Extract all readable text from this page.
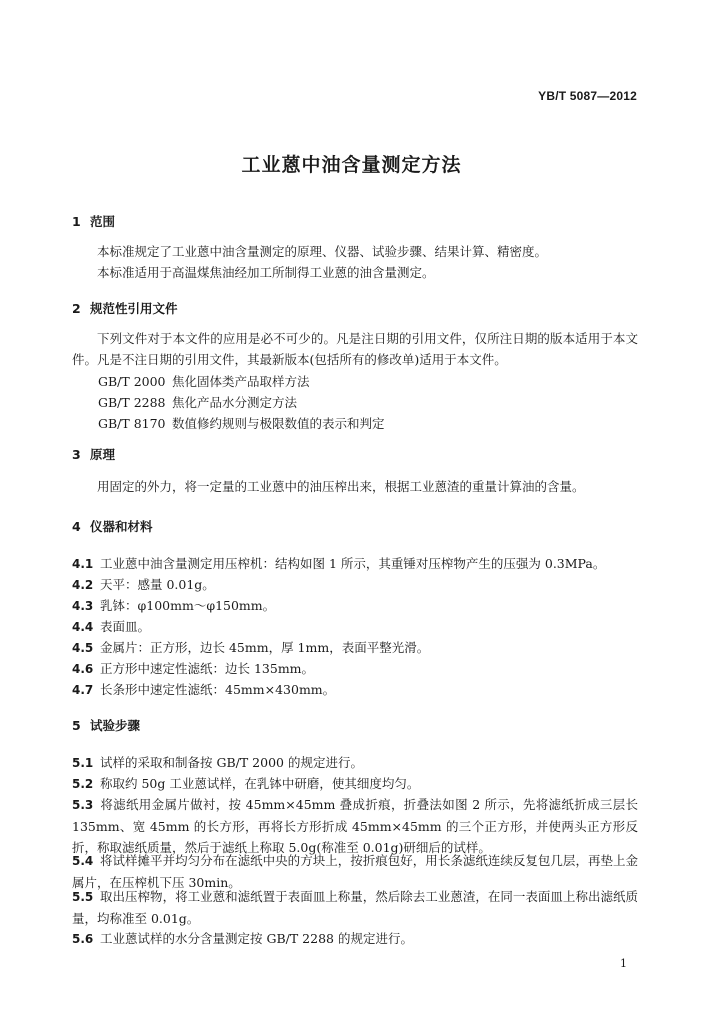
YB/T 5087—2012
工业蒽中油含量测定方法
1 范围
本标准规定了工业蒽中油含量测定的原理、仪器、试验步骤、结果计算、精密度。
本标准适用于高温煤焦油经加工所制得工业蒽的油含量测定。
2 规范性引用文件
下列文件对于本文件的应用是必不可少的。凡是注日期的引用文件，仅所注日期的版本适用于本文件。凡是不注日期的引用文件，其最新版本(包括所有的修改单)适用于本文件。
GB/T 2000 焦化固体类产品取样方法
GB/T 2288 焦化产品水分测定方法
GB/T 8170 数值修约规则与极限数值的表示和判定
3 原理
用固定的外力，将一定量的工业蒽中的油压榨出来，根据工业蒽渣的重量计算油的含量。
4 仪器和材料
4.1 工业蒽中油含量测定用压榨机：结构如图 1 所示，其重锤对压榨物产生的压强为 0.3MPa。
4.2 天平：感量 0.01g。
4.3 乳钵：φ100mm～φ150mm。
4.4 表面皿。
4.5 金属片：正方形，边长 45mm，厚 1mm，表面平整光滑。
4.6 正方形中速定性滤纸：边长 135mm。
4.7 长条形中速定性滤纸：45mm×430mm。
5 试验步骤
5.1 试样的采取和制备按 GB/T 2000 的规定进行。
5.2 称取约 50g 工业蒽试样，在乳钵中研磨，使其细度均匀。
5.3 将滤纸用金属片做衬，按 45mm×45mm 叠成折痕，折叠法如图 2 所示，先将滤纸折成三层长 135mm、宽 45mm 的长方形，再将长方形折成 45mm×45mm 的三个正方形，并使两头正方形反折，称取滤纸质量，然后于滤纸上称取 5.0g(称准至 0.01g)研细后的试样。
5.4 将试样摊平并均匀分布在滤纸中央的方块上，按折痕包好，用长条滤纸连续反复包几层，再垫上金属片，在压榨机下压 30min。
5.5 取出压榨物，将工业蒽和滤纸置于表面皿上称量，然后除去工业蒽渣，在同一表面皿上称出滤纸质量，均称准至 0.01g。
5.6 工业蒽试样的水分含量测定按 GB/T 2288 的规定进行。
1
